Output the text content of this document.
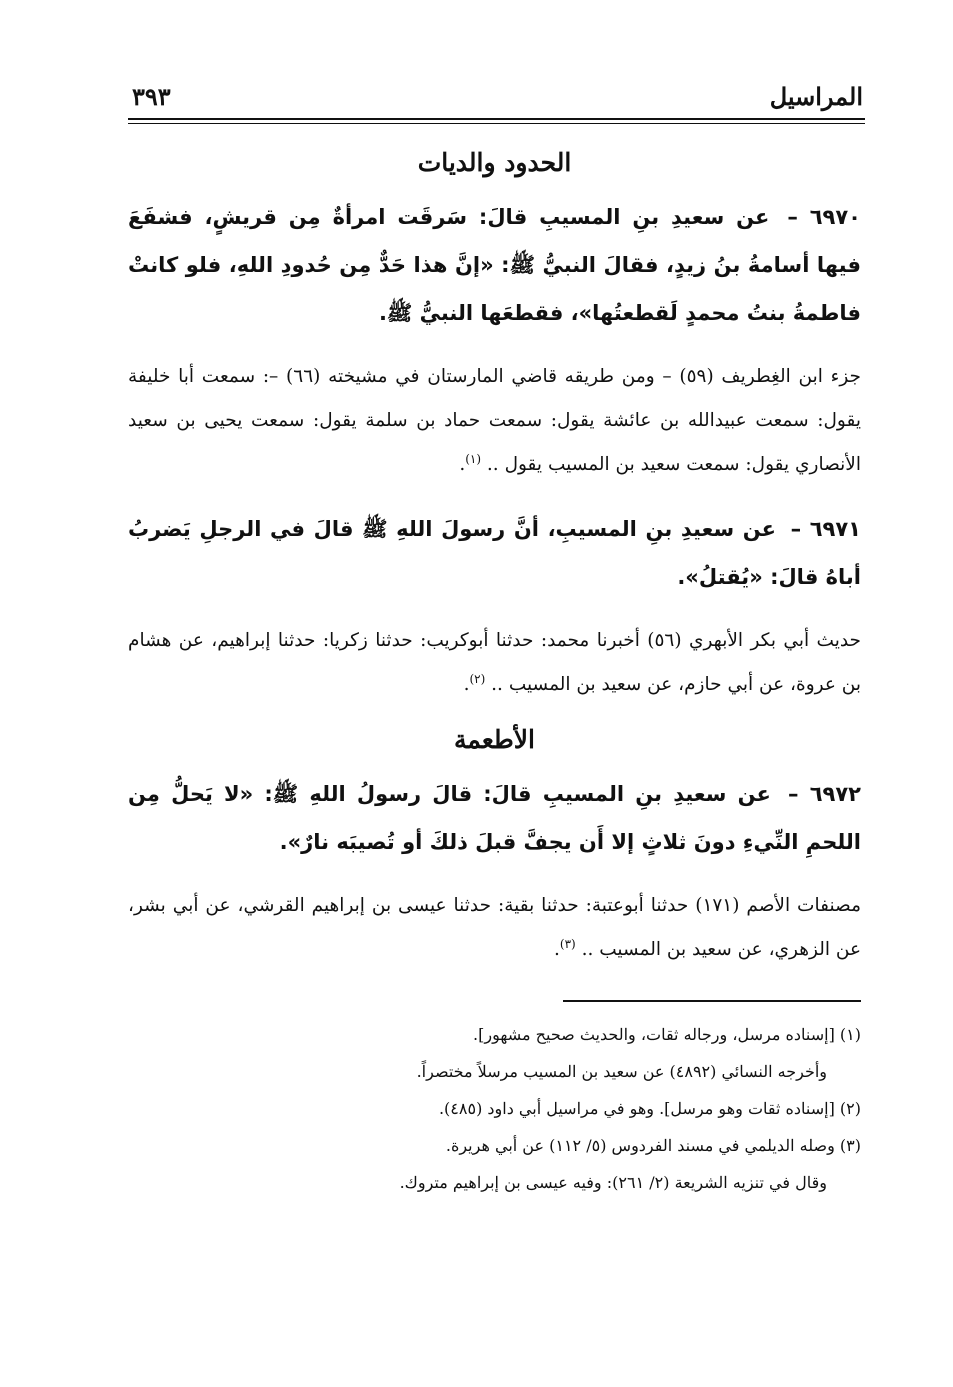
المراسيل
٣٩٣
الحدود والديات

٦٩٧٠ – عن سعيدِ بنِ المسيبِ قالَ: سَرقَت امرأةٌ مِن قريشٍ، فشفَعَ فيها أسامةُ بنُ زيدٍ، فقالَ النبيُّ ﷺ: «إنَّ هذا حَدٌّ مِن حُدودِ اللهِ، فلو كانتْ فاطمةُ بنتُ محمدٍ لَقطعتُها»، فقطعَها النبيُّ ﷺ.

جزء ابن الغِطريف (٥٩) – ومن طريقه قاضي المارستان في مشيخته (٦٦) –: سمعت أبا خليفة يقول: سمعت عبيدالله بن عائشة يقول: سمعت حماد بن سلمة يقول: سمعت يحيى بن سعيد الأنصاري يقول: سمعت سعيد بن المسيب يقول .. $^{(١)}$.

٦٩٧١ – عن سعيدِ بنِ المسيبِ، أنَّ رسولَ اللهِ ﷺ قالَ في الرجلِ يَضربُ أباهُ قالَ: «يُقتلُ».

حديث أبي بكر الأبهري (٥٦) أخبرنا محمد: حدثنا أبوكريب: حدثنا زكريا: حدثنا إبراهيم، عن هشام بن عروة، عن أبي حازم، عن سعيد بن المسيب .. $^{(٢)}$.

الأطعمة

٦٩٧٢ – عن سعيدِ بنِ المسيبِ قالَ: قالَ رسولُ اللهِ ﷺ: «لا يَحلُّ مِن اللحمِ النِّيءِ دونَ ثلاثٍ إلا أَن يجفَّ قبلَ ذلكَ أو تُصيبَه نارٌ».

مصنفات الأصم (١٧١) حدثنا أبوعتبة: حدثنا بقية: حدثنا عيسى بن إبراهيم القرشي، عن أبي بشر، عن الزهري، عن سعيد بن المسيب .. $^{(٣)}$.

(١) [إسناده مرسل، ورجاله ثقات، والحديث صحيح مشهور].

وأخرجه النسائي (٤٨٩٢) عن سعيد بن المسيب مرسلاً مختصراً.

(٢) [إسناده ثقات وهو مرسل]. وهو في مراسيل أبي داود (٤٨٥).

(٣) وصله الديلمي في مسند الفردوس (٥/ ١١٢) عن أبي هريرة.

وقال في تنزيه الشريعة (٢/ ٢٦١): وفيه عيسى بن إبراهيم متروك.
